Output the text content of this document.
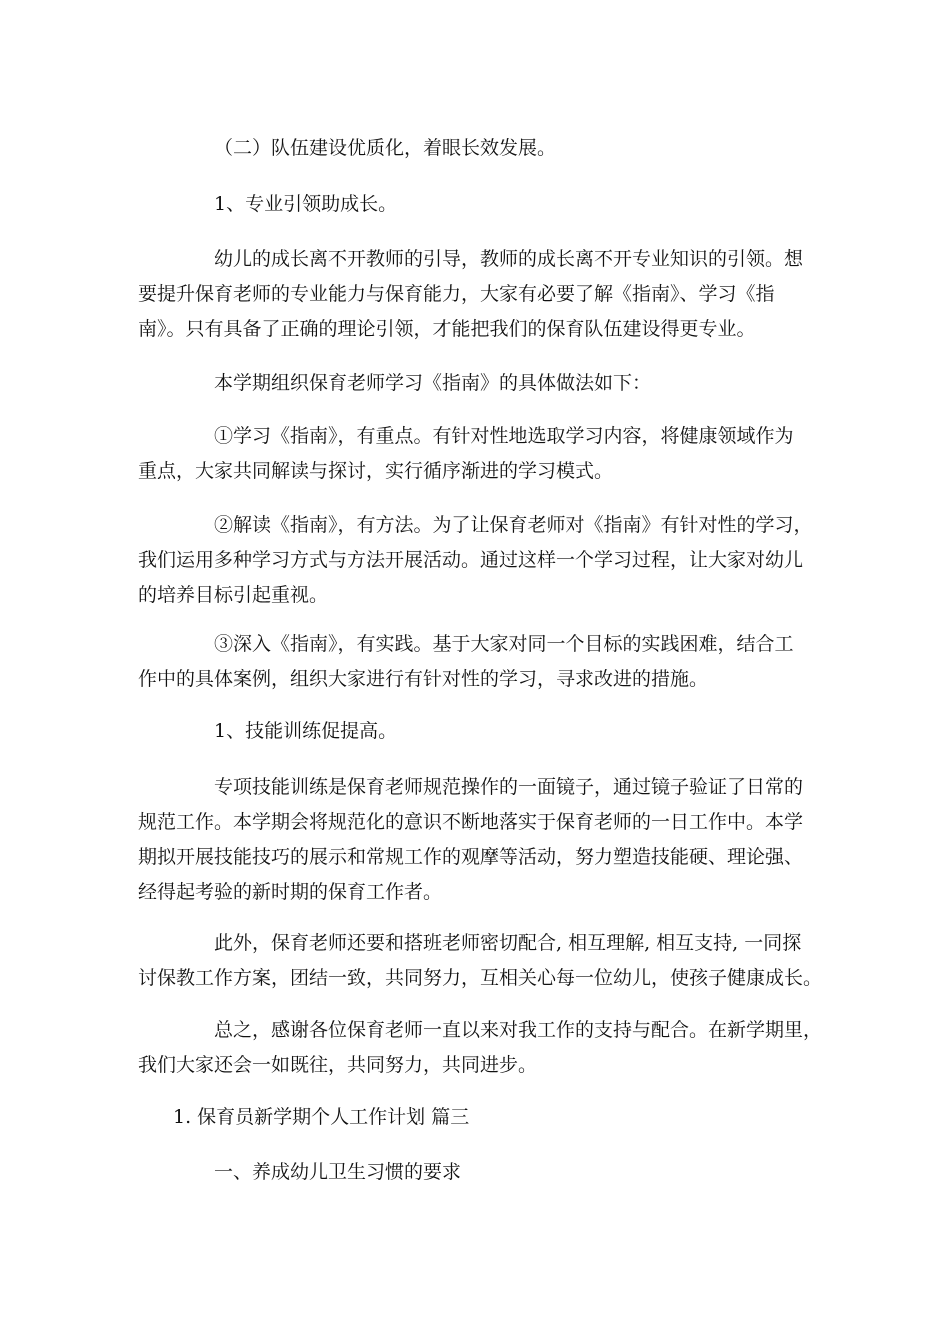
（二）队伍建设优质化，着眼长效发展。

1、专业引领助成长。

幼儿的成长离不开教师的引导，教师的成长离不开专业知识的引领。想
要提升保育老师的专业能力与保育能力，大家有必要了解《指南》、学习《指
南》。只有具备了正确的理论引领，才能把我们的保育队伍建设得更专业。

本学期组织保育老师学习《指南》的具体做法如下：

①学习《指南》，有重点。有针对性地选取学习内容，将健康领域作为
重点，大家共同解读与探讨，实行循序渐进的学习模式。

②解读《指南》，有方法。为了让保育老师对《指南》有针对性的学习，
我们运用多种学习方式与方法开展活动。通过这样一个学习过程，让大家对幼儿
的培养目标引起重视。

③深入《指南》，有实践。基于大家对同一个目标的实践困难，结合工
作中的具体案例，组织大家进行有针对性的学习，寻求改进的措施。

1、技能训练促提高。

专项技能训练是保育老师规范操作的一面镜子，通过镜子验证了日常的
规范工作。本学期会将规范化的意识不断地落实于保育老师的一日工作中。本学
期拟开展技能技巧的展示和常规工作的观摩等活动，努力塑造技能硬、理论强、
经得起考验的新时期的保育工作者。

此外，保育老师还要和搭班老师密切配合, 相互理解, 相互支持, 一同探
讨保教工作方案，团结一致，共同努力，互相关心每一位幼儿，使孩子健康成长。

总之，感谢各位保育老师一直以来对我工作的支持与配合。在新学期里，
我们大家还会一如既往，共同努力，共同进步。

1. 保育员新学期个人工作计划 篇三

一、养成幼儿卫生习惯的要求
